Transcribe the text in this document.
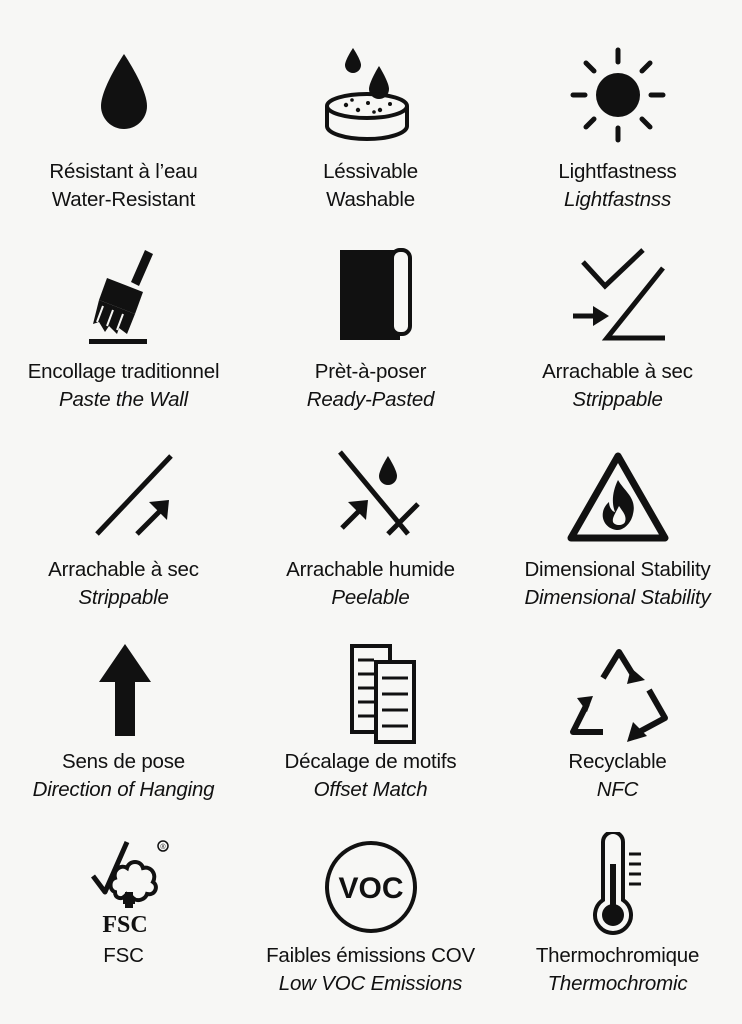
Résistant à l’eau
Water-Resistant
Léssivable
Washable
Lightfastness
Lightfastnss
Encollage traditionnel
Paste the Wall
Prèt-à-poser
Ready-Pasted
Arrachable à sec
Strippable
Arrachable à sec
Strippable
Arrachable humide
Peelable
Dimensional Stability
Dimensional Stability
Sens de pose
Direction of Hanging
Décalage de motifs
Offset Match
Recyclable
NFC
®
FSC
FSC
VOC
Faibles émissions COV
Low VOC Emissions
Thermochromique
Thermochromic
